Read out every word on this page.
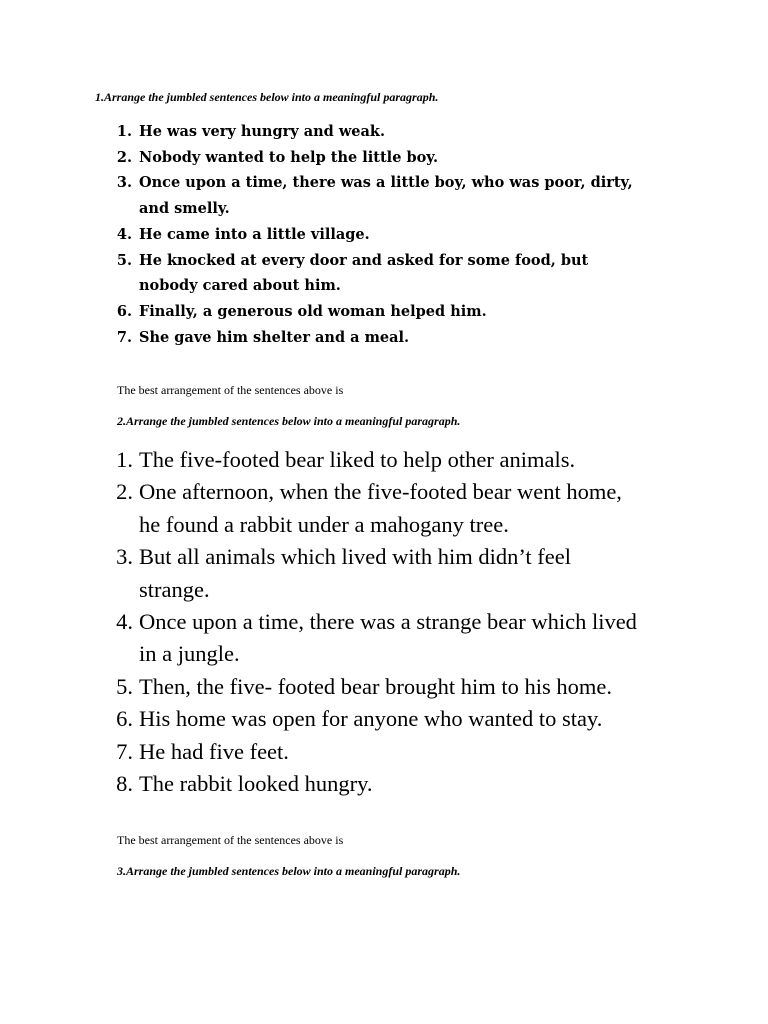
1.Arrange the jumbled sentences below into a meaningful paragraph.

1. He was very hungry and weak.
2. Nobody wanted to help the little boy.
3. Once upon a time, there was a little boy, who was poor, dirty, and smelly.
4. He came into a little village.
5. He knocked at every door and asked for some food, but nobody cared about him.
6. Finally, a generous old woman helped him.
7. She gave him shelter and a meal.

The best arrangement of the sentences above is

2.Arrange the jumbled sentences below into a meaningful paragraph.

1. The five-footed bear liked to help other animals.
2. One afternoon, when the five-footed bear went home, he found a rabbit under a mahogany tree.
3. But all animals which lived with him didn’t feel strange.
4. Once upon a time, there was a strange bear which lived in a jungle.
5. Then, the five- footed bear brought him to his home.
6. His home was open for anyone who wanted to stay.
7. He had five feet.
8. The rabbit looked hungry.

The best arrangement of the sentences above is

3.Arrange the jumbled sentences below into a meaningful paragraph.
